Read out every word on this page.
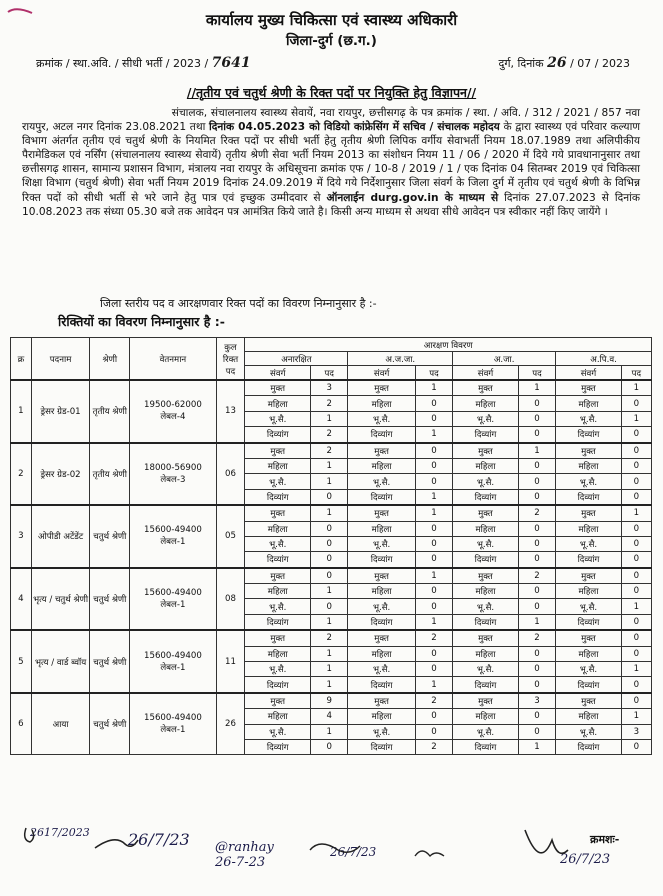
कार्यालय मुख्य चिकित्सा एवं स्वास्थ्य अधिकारी
जिला-दुर्ग (छ.ग.)
क्रमांक / स्था.अवि. / सीधी भर्ती / 2023 / 7641	दुर्ग, दिनांक 26 / 07 / 2023
//तृतीय एवं चतुर्थ श्रेणी के रिक्त पदों पर नियुक्ति हेतु विज्ञापन//
संचालक, संचालनालय स्वास्थ्य सेवायें, नवा रायपुर, छत्तीसगढ़ के पत्र क्रमांक / स्था. / अवि. / 312 / 2021 / 857 नवा रायपुर, अटल नगर दिनांक 23.08.2021 तथा दिनांक 04.05.2023 को विडियो कांफ्रेसिंग में सचिव / संचालक महोदय के द्वारा स्वास्थ्य एवं परिवार कल्याण विभाग अंतर्गत तृतीय एवं चतुर्थ श्रेणी के नियमित रिक्त पदों पर सीधी भर्ती हेतु तृतीय श्रेणी लिपिक वर्गीय सेवाभर्ती नियम 18.07.1989 तथा अलिपीकीय पैरामेडिकल एवं नर्सिंग (संचालनालय स्वास्थ्य सेवायें) तृतीय श्रेणी सेवा भर्ती नियम 2013 का संशोधन नियम 11 / 06 / 2020 में दिये गये प्रावधानानुसार तथा छत्तीसगढ़ शासन, सामान्य प्रशासन विभाग, मंत्रालय नवा रायपुर के अधिसूचना क्रमांक एफ / 10-8 / 2019 / 1 / एक दिनांक 04 सितम्बर 2019 एवं चिकित्सा शिक्षा विभाग (चतुर्थ श्रेणी) सेवा भर्ती नियम 2019 दिनांक 24.09.2019 में दिये गये निर्देशानुसार जिला संवर्ग के जिला दुर्ग में तृतीय एवं चतुर्थ श्रेणी के विभिन्न रिक्त पदों को सीधी भर्ती से भरे जाने हेतु पात्र एवं इच्छुक उम्मीदवार से ऑनलाईन durg.gov.in के माध्यम से दिनांक 27.07.2023 से दिनांक 10.08.2023 तक संध्या 05.30 बजे तक आवेदन पत्र आमंत्रित किये जाते है। किसी अन्य माध्यम से अथवा सीधे आवेदन पत्र स्वीकार नहीं किए जायेंगे ।
जिला स्तरीय पद व आरक्षणवार रिक्त पदों का विवरण निम्नानुसार है :-
रिक्तियों का विवरण निम्नानुसार है :-
क्र	पदनाम	श्रेणी	वेतनमान	कुल रिक्त पद	आरक्षण विवरण							
					अनारक्षित		अ.ज.जा.		अ.जा.		अ.पि.व.	
					संवर्ग	पद	संवर्ग	पद	संवर्ग	पद	संवर्ग	पद
1	ड्रेसर ग्रेड-01	तृतीय श्रेणी	19500-62000 लेबल-4	13	मुक्त	3	मुक्त	1	मुक्त	1	मुक्त	1
					महिला	2	महिला	0	महिला	0	महिला	0
					भू.सै.	1	भू.सै.	0	भू.सै.	0	भू.सै.	1
					दिव्यांग	2	दिव्यांग	1	दिव्यांग	0	दिव्यांग	0
2	ड्रेसर ग्रेड-02	तृतीय श्रेणी	18000-56900 लेबल-3	06	मुक्त	2	मुक्त	0	मुक्त	1	मुक्त	0
					महिला	1	महिला	0	महिला	0	महिला	0
					भू.सै.	1	भू.सै.	0	भू.सै.	0	भू.सै.	0
					दिव्यांग	0	दिव्यांग	1	दिव्यांग	0	दिव्यांग	0
3	ओपीडी अटेंडेंट	चतुर्थ श्रेणी	15600-49400 लेबल-1	05	मुक्त	1	मुक्त	1	मुक्त	2	मुक्त	1
					महिला	0	महिला	0	महिला	0	महिला	0
					भू.सै.	0	भू.सै.	0	भू.सै.	0	भू.सै.	0
					दिव्यांग	0	दिव्यांग	0	दिव्यांग	0	दिव्यांग	0
4	भृत्य / चतुर्थ श्रेणी	चतुर्थ श्रेणी	15600-49400 लेबल-1	08	मुक्त	0	मुक्त	1	मुक्त	2	मुक्त	0
					महिला	1	महिला	0	महिला	0	महिला	0
					भू.सै.	0	भू.सै.	0	भू.सै.	0	भू.सै.	1
					दिव्यांग	1	दिव्यांग	1	दिव्यांग	1	दिव्यांग	0
5	भृत्य / वार्ड ब्वॉय	चतुर्थ श्रेणी	15600-49400 लेबल-1	11	मुक्त	2	मुक्त	2	मुक्त	2	मुक्त	0
					महिला	1	महिला	0	महिला	0	महिला	0
					भू.सै.	1	भू.सै.	0	भू.सै.	0	भू.सै.	1
					दिव्यांग	1	दिव्यांग	1	दिव्यांग	0	दिव्यांग	0
6	आया	चतुर्थ श्रेणी	15600-49400 लेबल-1	26	मुक्त	9	मुक्त	2	मुक्त	3	मुक्त	0
					महिला	4	महिला	0	महिला	0	महिला	1
					भू.सै.	1	भू.सै.	0	भू.सै.	0	भू.सै.	3
					दिव्यांग	0	दिव्यांग	2	दिव्यांग	1	दिव्यांग	0
2617/2023 26/7/23 @ranhay 26-7-23
26/7/23	26/7/23
क्रमशः-
